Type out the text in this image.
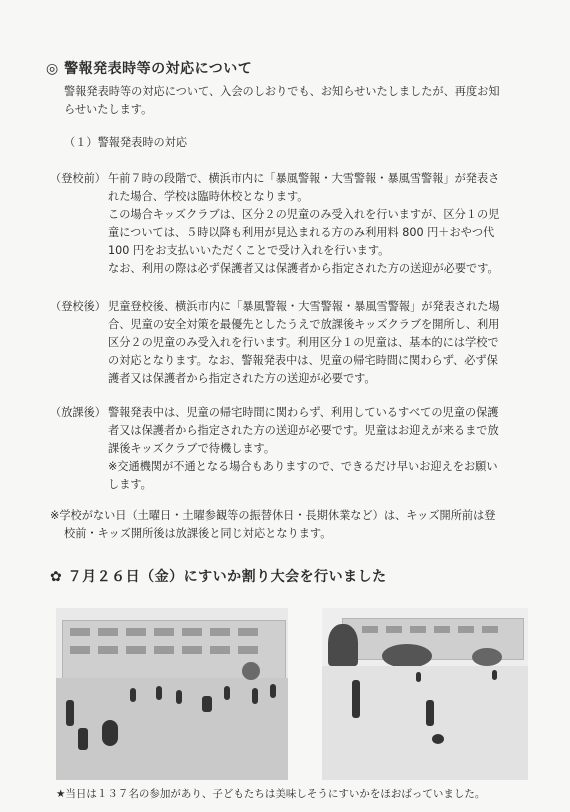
◎ 警報発表時等の対応について
警報発表時等の対応について、入会のしおりでも、お知らせいたしましたが、再度お知
らせいたします。
（１）警報発表時の対応
（登校前） 午前７時の段階で、横浜市内に「暴風警報・大雪警報・暴風雪警報」が発表さ
れた場合、学校は臨時休校となります。
この場合キッズクラブは、区分２の児童のみ受入れを行いますが、区分１の児
童については、５時以降も利用が見込まれる方のみ利用料 800 円＋おやつ代
100 円をお支払いいただくことで受け入れを行います。
なお、利用の際は必ず保護者又は保護者から指定された方の送迎が必要です。
（登校後） 児童登校後、横浜市内に「暴風警報・大雪警報・暴風雪警報」が発表された場
合、児童の安全対策を最優先としたうえで放課後キッズクラブを開所し、利用
区分２の児童のみ受入れを行います。利用区分１の児童は、基本的には学校で
の対応となります。なお、警報発表中は、児童の帰宅時間に関わらず、必ず保
護者又は保護者から指定された方の送迎が必要です。
（放課後） 警報発表中は、児童の帰宅時間に関わらず、利用しているすべての児童の保護
者又は保護者から指定された方の送迎が必要です。児童はお迎えが来るまで放
課後キッズクラブで待機します。
※交通機関が不通となる場合もありますので、できるだけ早いお迎えをお願い
します。
※学校がない日（土曜日・土曜参観等の振替休日・長期休業など）は、キッズ開所前は登
校前・キッズ開所後は放課後と同じ対応となります。
✿ ７月２６日（金）にすいか割り大会を行いました
★当日は１３７名の参加があり、子どもたちは美味しそうにすいかをほおばっていました。
